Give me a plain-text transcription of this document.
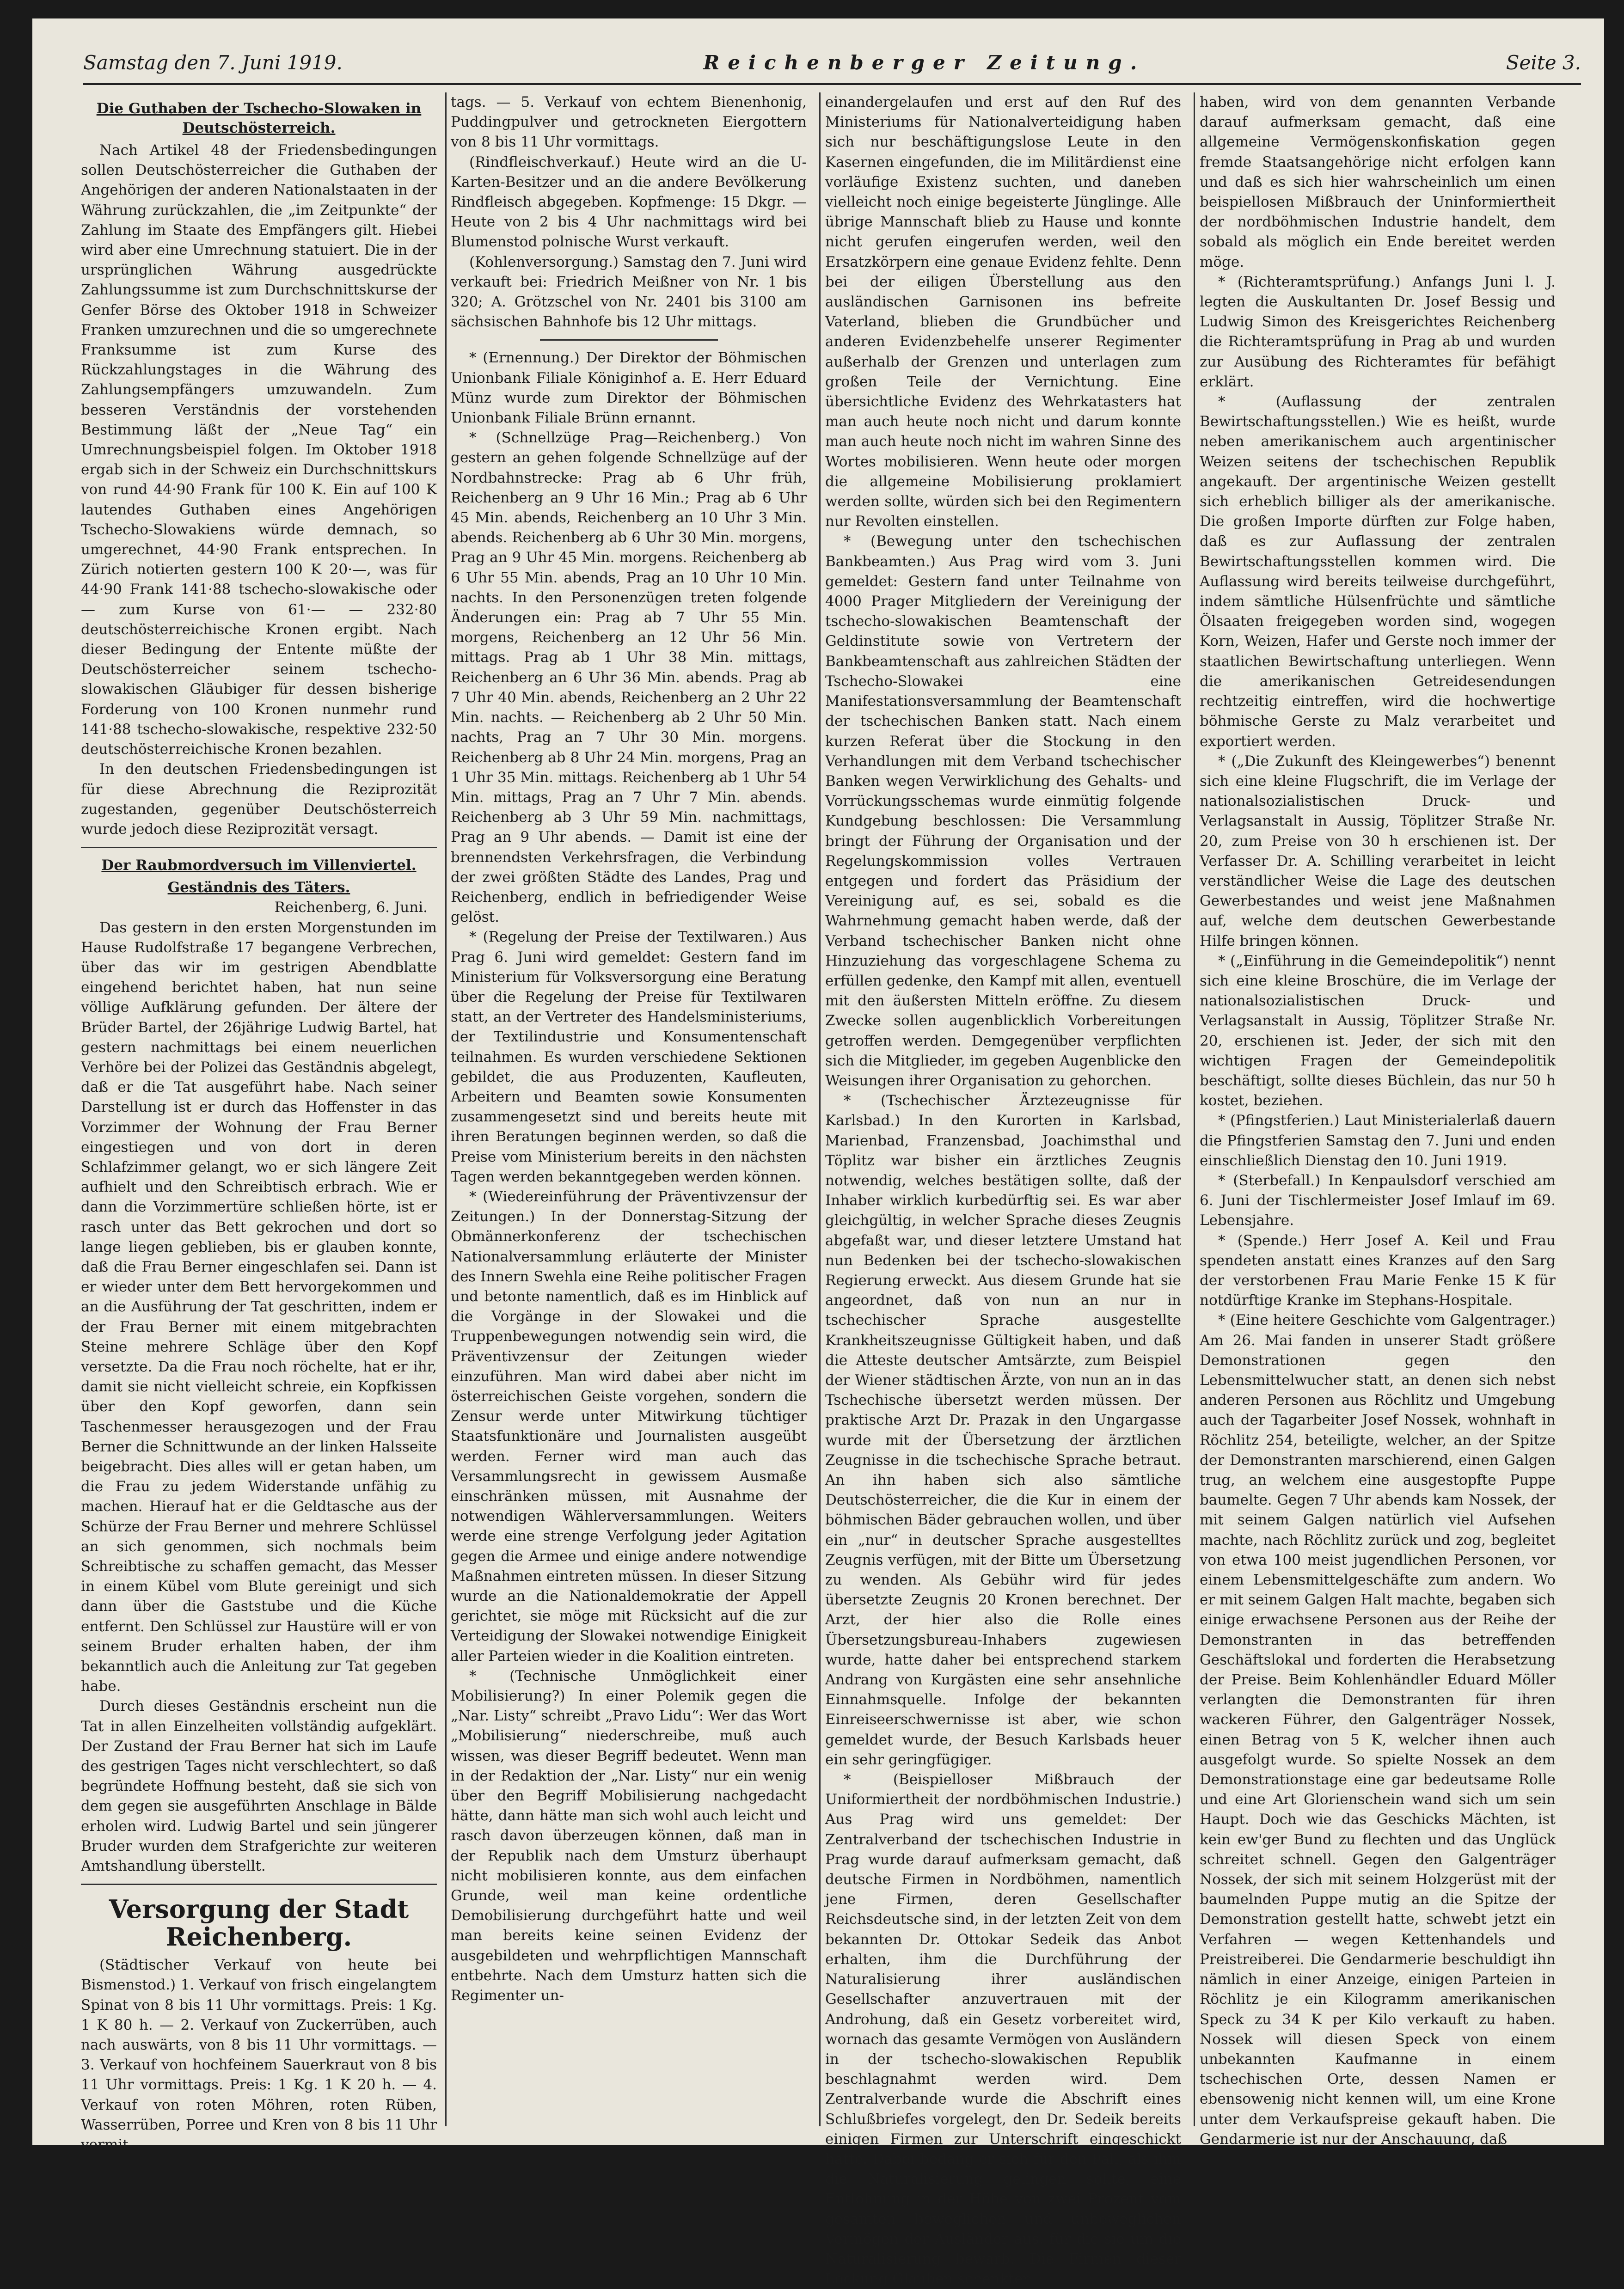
Samstag den 7. Juni 1919.	Reichenberger Zeitung.	Seite 3.
Die Guthaben der Tschecho-Slowaken in Deutschösterreich.

Nach Artikel 48 der Friedensbedingungen sollen Deutschösterreicher die Guthaben der Angehörigen der anderen Nationalstaaten in der Währung zurückzahlen, die „im Zeitpunkte“ der Zahlung im Staate des Empfängers gilt. Hiebei wird aber eine Umrechnung statuiert. Die in der ursprünglichen Währung ausgedrückte Zahlungssumme ist zum Durchschnittskurse der Genfer Börse des Oktober 1918 in Schweizer Franken umzurechnen und die so umgerechnete Franksumme ist zum Kurse des Rückzahlungstages in die Währung des Zahlungsempfängers umzuwandeln. Zum besseren Verständnis der vorstehenden Bestimmung läßt der „Neue Tag“ ein Umrechnungsbeispiel folgen. Im Oktober 1918 ergab sich in der Schweiz ein Durchschnittskurs von rund 44·90 Frank für 100 K. Ein auf 100 K lautendes Guthaben eines Angehörigen Tschecho-Slowakiens würde demnach, so umgerechnet, 44·90 Frank entsprechen. In Zürich notierten gestern 100 K 20·—, was für 44·90 Frank 141·88 tschecho-slowakische oder — zum Kurse von 61·— — 232·80 deutschösterreichische Kronen ergibt. Nach dieser Bedingung der Entente müßte der Deutschösterreicher seinem tschecho-slowakischen Gläubiger für dessen bisherige Forderung von 100 Kronen nunmehr rund 141·88 tschecho-slowakische, respektive 232·50 deutschösterreichische Kronen bezahlen.

In den deutschen Friedensbedingungen ist für diese Abrechnung die Reziprozität zugestanden, gegenüber Deutschösterreich wurde jedoch diese Reziprozität versagt.

Der Raubmordversuch im Villenviertel.

Geständnis des Täters.

Reichenberg, 6. Juni.

Das gestern in den ersten Morgenstunden im Hause Rudolfstraße 17 begangene Verbrechen, über das wir im gestrigen Abendblatte eingehend berichtet haben, hat nun seine völlige Aufklärung gefunden. Der ältere der Brüder Bartel, der 26jährige Ludwig Bartel, hat gestern nachmittags bei einem neuerlichen Verhöre bei der Polizei das Geständnis abgelegt, daß er die Tat ausgeführt habe. Nach seiner Darstellung ist er durch das Hoffenster in das Vorzimmer der Wohnung der Frau Berner eingestiegen und von dort in deren Schlafzimmer gelangt, wo er sich längere Zeit aufhielt und den Schreibtisch erbrach. Wie er dann die Vorzimmertüre schließen hörte, ist er rasch unter das Bett gekrochen und dort so lange liegen geblieben, bis er glauben konnte, daß die Frau Berner eingeschlafen sei. Dann ist er wieder unter dem Bett hervorgekommen und an die Ausführung der Tat geschritten, indem er der Frau Berner mit einem mitgebrachten Steine mehrere Schläge über den Kopf versetzte. Da die Frau noch röchelte, hat er ihr, damit sie nicht vielleicht schreie, ein Kopfkissen über den Kopf geworfen, dann sein Taschenmesser herausgezogen und der Frau Berner die Schnittwunde an der linken Halsseite beigebracht. Dies alles will er getan haben, um die Frau zu jedem Widerstande unfähig zu machen. Hierauf hat er die Geldtasche aus der Schürze der Frau Berner und mehrere Schlüssel an sich genommen, sich nochmals beim Schreibtische zu schaffen gemacht, das Messer in einem Kübel vom Blute gereinigt und sich dann über die Gaststube und die Küche entfernt. Den Schlüssel zur Haustüre will er von seinem Bruder erhalten haben, der ihm bekanntlich auch die Anleitung zur Tat gegeben habe.

Durch dieses Geständnis erscheint nun die Tat in allen Einzelheiten vollständig aufgeklärt. Der Zustand der Frau Berner hat sich im Laufe des gestrigen Tages nicht verschlechtert, so daß begründete Hoffnung besteht, daß sie sich von dem gegen sie ausgeführten Anschlage in Bälde erholen wird. Ludwig Bartel und sein jüngerer Bruder wurden dem Strafgerichte zur weiteren Amtshandlung überstellt.

Versorgung der Stadt Reichenberg.

(Städtischer Verkauf von heute bei Bismenstod.) 1. Verkauf von frisch eingelangtem Spinat von 8 bis 11 Uhr vormittags. Preis: 1 Kg. 1 K 80 h. — 2. Verkauf von Zuckerrüben, auch nach auswärts, von 8 bis 11 Uhr vormittags. — 3. Verkauf von hochfeinem Sauerkraut von 8 bis 11 Uhr vormittags. Preis: 1 Kg. 1 K 20 h. — 4. Verkauf von roten Möhren, roten Rüben, Wasserrüben, Porree und Kren von 8 bis 11 Uhr vormit-

tags. — 5. Verkauf von echtem Bienenhonig, Puddingpulver und getrockneten Eiergottern von 8 bis 11 Uhr vormittags.

(Rindfleischverkauf.) Heute wird an die U-Karten-Besitzer und an die andere Bevölkerung Rindfleisch abgegeben. Kopfmenge: 15 Dkgr. — Heute von 2 bis 4 Uhr nachmittags wird bei Blumenstod polnische Wurst verkauft.

(Kohlenversorgung.) Samstag den 7. Juni wird verkauft bei: Friedrich Meißner von Nr. 1 bis 320; A. Grötzschel von Nr. 2401 bis 3100 am sächsischen Bahnhofe bis 12 Uhr mittags.

* (Ernennung.) Der Direktor der Böhmischen Unionbank Filiale Königinhof a. E. Herr Eduard Münz wurde zum Direktor der Böhmischen Unionbank Filiale Brünn ernannt.

* (Schnellzüge Prag—Reichenberg.) Von gestern an gehen folgende Schnellzüge auf der Nordbahnstrecke: Prag ab 6 Uhr früh, Reichenberg an 9 Uhr 16 Min.; Prag ab 6 Uhr 45 Min. abends, Reichenberg an 10 Uhr 3 Min. abends. Reichenberg ab 6 Uhr 30 Min. morgens, Prag an 9 Uhr 45 Min. morgens. Reichenberg ab 6 Uhr 55 Min. abends, Prag an 10 Uhr 10 Min. nachts. In den Personenzügen treten folgende Änderungen ein: Prag ab 7 Uhr 55 Min. morgens, Reichenberg an 12 Uhr 56 Min. mittags. Prag ab 1 Uhr 38 Min. mittags, Reichenberg an 6 Uhr 36 Min. abends. Prag ab 7 Uhr 40 Min. abends, Reichenberg an 2 Uhr 22 Min. nachts. — Reichenberg ab 2 Uhr 50 Min. nachts, Prag an 7 Uhr 30 Min. morgens. Reichenberg ab 8 Uhr 24 Min. morgens, Prag an 1 Uhr 35 Min. mittags. Reichenberg ab 1 Uhr 54 Min. mittags, Prag an 7 Uhr 7 Min. abends. Reichenberg ab 3 Uhr 59 Min. nachmittags, Prag an 9 Uhr abends. — Damit ist eine der brennendsten Verkehrsfragen, die Verbindung der zwei größten Städte des Landes, Prag und Reichenberg, endlich in befriedigender Weise gelöst.

* (Regelung der Preise der Textilwaren.) Aus Prag 6. Juni wird gemeldet: Gestern fand im Ministerium für Volksversorgung eine Beratung über die Regelung der Preise für Textilwaren statt, an der Vertreter des Handelsministeriums, der Textilindustrie und Konsumentenschaft teilnahmen. Es wurden verschiedene Sektionen gebildet, die aus Produzenten, Kaufleuten, Arbeitern und Beamten sowie Konsumenten zusammengesetzt sind und bereits heute mit ihren Beratungen beginnen werden, so daß die Preise vom Ministerium bereits in den nächsten Tagen werden bekanntgegeben werden können.

* (Wiedereinführung der Präventivzensur der Zeitungen.) In der Donnerstag-Sitzung der Obmännerkonferenz der tschechischen Nationalversammlung erläuterte der Minister des Innern Swehla eine Reihe politischer Fragen und betonte namentlich, daß es im Hinblick auf die Vorgänge in der Slowakei und die Truppenbewegungen notwendig sein wird, die Präventivzensur der Zeitungen wieder einzuführen. Man wird dabei aber nicht im österreichischen Geiste vorgehen, sondern die Zensur werde unter Mitwirkung tüchtiger Staatsfunktionäre und Journalisten ausgeübt werden. Ferner wird man auch das Versammlungsrecht in gewissem Ausmaße einschränken müssen, mit Ausnahme der notwendigen Wählerversammlungen. Weiters werde eine strenge Verfolgung jeder Agitation gegen die Armee und einige andere notwendige Maßnahmen eintreten müssen. In dieser Sitzung wurde an die Nationaldemokratie der Appell gerichtet, sie möge mit Rücksicht auf die zur Verteidigung der Slowakei notwendige Einigkeit aller Parteien wieder in die Koalition eintreten.

* (Technische Unmöglichkeit einer Mobilisierung?) In einer Polemik gegen die „Nar. Listy“ schreibt „Pravo Lidu“: Wer das Wort „Mobilisierung“ niederschreibe, muß auch wissen, was dieser Begriff bedeutet. Wenn man in der Redaktion der „Nar. Listy“ nur ein wenig über den Begriff Mobilisierung nachgedacht hätte, dann hätte man sich wohl auch leicht und rasch davon überzeugen können, daß man in der Republik nach dem Umsturz überhaupt nicht mobilisieren konnte, aus dem einfachen Grunde, weil man keine ordentliche Demobilisierung durchgeführt hatte und weil man bereits keine seinen Evidenz der ausgebildeten und wehrpflichtigen Mannschaft entbehrte. Nach dem Umsturz hatten sich die Regimenter un-

einandergelaufen und erst auf den Ruf des Ministeriums für Nationalverteidigung haben sich nur beschäftigungslose Leute in den Kasernen eingefunden, die im Militärdienst eine vorläufige Existenz suchten, und daneben vielleicht noch einige begeisterte Jünglinge. Alle übrige Mannschaft blieb zu Hause und konnte nicht gerufen eingerufen werden, weil den Ersatzkörpern eine genaue Evidenz fehlte. Denn bei der eiligen Überstellung aus den ausländischen Garnisonen ins befreite Vaterland, blieben die Grundbücher und anderen Evidenzbehelfe unserer Regimenter außerhalb der Grenzen und unterlagen zum großen Teile der Vernichtung. Eine übersichtliche Evidenz des Wehrkatasters hat man auch heute noch nicht und darum konnte man auch heute noch nicht im wahren Sinne des Wortes mobilisieren. Wenn heute oder morgen die allgemeine Mobilisierung proklamiert werden sollte, würden sich bei den Regimentern nur Revolten einstellen.

* (Bewegung unter den tschechischen Bankbeamten.) Aus Prag wird vom 3. Juni gemeldet: Gestern fand unter Teilnahme von 4000 Prager Mitgliedern der Vereinigung der tschecho-slowakischen Beamtenschaft der Geldinstitute sowie von Vertretern der Bankbeamtenschaft aus zahlreichen Städten der Tschecho-Slowakei eine Manifestationsversammlung der Beamtenschaft der tschechischen Banken statt. Nach einem kurzen Referat über die Stockung in den Verhandlungen mit dem Verband tschechischer Banken wegen Verwirklichung des Gehalts- und Vorrückungsschemas wurde einmütig folgende Kundgebung beschlossen: Die Versammlung bringt der Führung der Organisation und der Regelungskommission volles Vertrauen entgegen und fordert das Präsidium der Vereinigung auf, es sei, sobald es die Wahrnehmung gemacht haben werde, daß der Verband tschechischer Banken nicht ohne Hinzuziehung das vorgeschlagene Schema zu erfüllen gedenke, den Kampf mit allen, eventuell mit den äußersten Mitteln eröffne. Zu diesem Zwecke sollen augenblicklich Vorbereitungen getroffen werden. Demgegenüber verpflichten sich die Mitglieder, im gegeben Augenblicke den Weisungen ihrer Organisation zu gehorchen.

* (Tschechischer Ärztezeugnisse für Karlsbad.) In den Kurorten in Karlsbad, Marienbad, Franzensbad, Joachimsthal und Töplitz war bisher ein ärztliches Zeugnis notwendig, welches bestätigen sollte, daß der Inhaber wirklich kurbedürftig sei. Es war aber gleichgültig, in welcher Sprache dieses Zeugnis abgefaßt war, und dieser letztere Umstand hat nun Bedenken bei der tschecho-slowakischen Regierung erweckt. Aus diesem Grunde hat sie angeordnet, daß von nun an nur in tschechischer Sprache ausgestellte Krankheitszeugnisse Gültigkeit haben, und daß die Atteste deutscher Amtsärzte, zum Beispiel der Wiener städtischen Ärzte, von nun an in das Tschechische übersetzt werden müssen. Der praktische Arzt Dr. Prazak in den Ungargasse wurde mit der Übersetzung der ärztlichen Zeugnisse in die tschechische Sprache betraut. An ihn haben sich also sämtliche Deutschösterreicher, die die Kur in einem der böhmischen Bäder gebrauchen wollen, und über ein „nur“ in deutscher Sprache ausgestelltes Zeugnis verfügen, mit der Bitte um Übersetzung zu wenden. Als Gebühr wird für jedes übersetzte Zeugnis 20 Kronen berechnet. Der Arzt, der hier also die Rolle eines Übersetzungsbureau-Inhabers zugewiesen wurde, hatte daher bei entsprechend starkem Andrang von Kurgästen eine sehr ansehnliche Einnahmsquelle. Infolge der bekannten Einreiseerschwernisse ist aber, wie schon gemeldet wurde, der Besuch Karlsbads heuer ein sehr geringfügiger.

* (Beispielloser Mißbrauch der Uniformiertheit der nordböhmischen Industrie.) Aus Prag wird uns gemeldet: Der Zentralverband der tschechischen Industrie in Prag wurde darauf aufmerksam gemacht, daß deutsche Firmen in Nordböhmen, namentlich jene Firmen, deren Gesellschafter Reichsdeutsche sind, in der letzten Zeit von dem bekannten Dr. Ottokar Sedeik das Anbot erhalten, ihm die Durchführung der Naturalisierung ihrer ausländischen Gesellschafter anzuvertrauen mit der Androhung, daß ein Gesetz vorbereitet wird, wornach das gesamte Vermögen von Ausländern in der tschecho-slowakischen Republik beschlagnahmt werden wird. Dem Zentralverbande wurde die Abschrift eines Schlußbriefes vorgelegt, den Dr. Sedeik bereits einigen Firmen zur Unterschrift eingeschickt hatte. Dabei bedang er sich für den Fall, als ihm die Naturalisierung gelingen sollte, eine Entlohnung in der Höhe von zwei Prozent vom gesamten beweglichen und unbeweglichen Vermögen der Ausländer aus, für die sie um die Naturalisierung bewarb. Die Firmen dieser Lockung Glauben schenkten

haben, wird von dem genannten Verbande darauf aufmerksam gemacht, daß eine allgemeine Vermögenskonfiskation gegen fremde Staatsangehörige nicht erfolgen kann und daß es sich hier wahrscheinlich um einen beispiellosen Mißbrauch der Uninformiertheit der nordböhmischen Industrie handelt, dem sobald als möglich ein Ende bereitet werden möge.

* (Richteramtsprüfung.) Anfangs Juni l. J. legten die Auskultanten Dr. Josef Bessig und Ludwig Simon des Kreisgerichtes Reichenberg die Richteramtsprüfung in Prag ab und wurden zur Ausübung des Richteramtes für befähigt erklärt.

* (Auflassung der zentralen Bewirtschaftungsstellen.) Wie es heißt, wurde neben amerikanischem auch argentinischer Weizen seitens der tschechischen Republik angekauft. Der argentinische Weizen gestellt sich erheblich billiger als der amerikanische. Die großen Importe dürften zur Folge haben, daß es zur Auflassung der zentralen Bewirtschaftungsstellen kommen wird. Die Auflassung wird bereits teilweise durchgeführt, indem sämtliche Hülsenfrüchte und sämtliche Ölsaaten freigegeben worden sind, wogegen Korn, Weizen, Hafer und Gerste noch immer der staatlichen Bewirtschaftung unterliegen. Wenn die amerikanischen Getreidesendungen rechtzeitig eintreffen, wird die hochwertige böhmische Gerste zu Malz verarbeitet und exportiert werden.

* („Die Zukunft des Kleingewerbes“) benennt sich eine kleine Flugschrift, die im Verlage der nationalsozialistischen Druck- und Verlagsanstalt in Aussig, Töplitzer Straße Nr. 20, zum Preise von 30 h erschienen ist. Der Verfasser Dr. A. Schilling verarbeitet in leicht verständlicher Weise die Lage des deutschen Gewerbestandes und weist jene Maßnahmen auf, welche dem deutschen Gewerbestande Hilfe bringen können.

* („Einführung in die Gemeindepolitik“) nennt sich eine kleine Broschüre, die im Verlage der nationalsozialistischen Druck- und Verlagsanstalt in Aussig, Töplitzer Straße Nr. 20, erschienen ist. Jeder, der sich mit den wichtigen Fragen der Gemeindepolitik beschäftigt, sollte dieses Büchlein, das nur 50 h kostet, beziehen.

* (Pfingstferien.) Laut Ministerialerlaß dauern die Pfingstferien Samstag den 7. Juni und enden einschließlich Dienstag den 10. Juni 1919.

* (Sterbefall.) In Kenpaulsdorf verschied am 6. Juni der Tischlermeister Josef Imlauf im 69. Lebensjahre.

* (Spende.) Herr Josef A. Keil und Frau spendeten anstatt eines Kranzes auf den Sarg der verstorbenen Frau Marie Fenke 15 K für notdürftige Kranke im Stephans-Hospitale.

* (Eine heitere Geschichte vom Galgentrager.) Am 26. Mai fanden in unserer Stadt größere Demonstrationen gegen den Lebensmittelwucher statt, an denen sich nebst anderen Personen aus Röchlitz und Umgebung auch der Tagarbeiter Josef Nossek, wohnhaft in Röchlitz 254, beteiligte, welcher, an der Spitze der Demonstranten marschierend, einen Galgen trug, an welchem eine ausgestopfte Puppe baumelte. Gegen 7 Uhr abends kam Nossek, der mit seinem Galgen natürlich viel Aufsehen machte, nach Röchlitz zurück und zog, begleitet von etwa 100 meist jugendlichen Personen, vor einem Lebensmittelgeschäfte zum andern. Wo er mit seinem Galgen Halt machte, begaben sich einige erwachsene Personen aus der Reihe der Demonstranten in das betreffenden Geschäftslokal und forderten die Herabsetzung der Preise. Beim Kohlenhändler Eduard Möller verlangten die Demonstranten für ihren wackeren Führer, den Galgenträger Nossek, einen Betrag von 5 K, welcher ihnen auch ausgefolgt wurde. So spielte Nossek an dem Demonstrationstage eine gar bedeutsame Rolle und eine Art Glorienschein wand sich um sein Haupt. Doch wie das Geschicks Mächten, ist kein ew'ger Bund zu flechten und das Unglück schreitet schnell. Gegen den Galgenträger Nossek, der sich mit seinem Holzgerüst mit der baumelnden Puppe mutig an die Spitze der Demonstration gestellt hatte, schwebt jetzt ein Verfahren — wegen Kettenhandels und Preistreiberei. Die Gendarmerie beschuldigt ihn nämlich in einer Anzeige, einigen Parteien in Röchlitz je ein Kilogramm amerikanischen Speck zu 34 K per Kilo verkauft zu haben. Nossek will diesen Speck von einem unbekannten Kaufmanne in einem tschechischen Orte, dessen Namen er ebensowenig nicht kennen will, um eine Krone unter dem Verkaufspreise gekauft haben. Die Gendarmerie ist nur der Anschauung, daß
